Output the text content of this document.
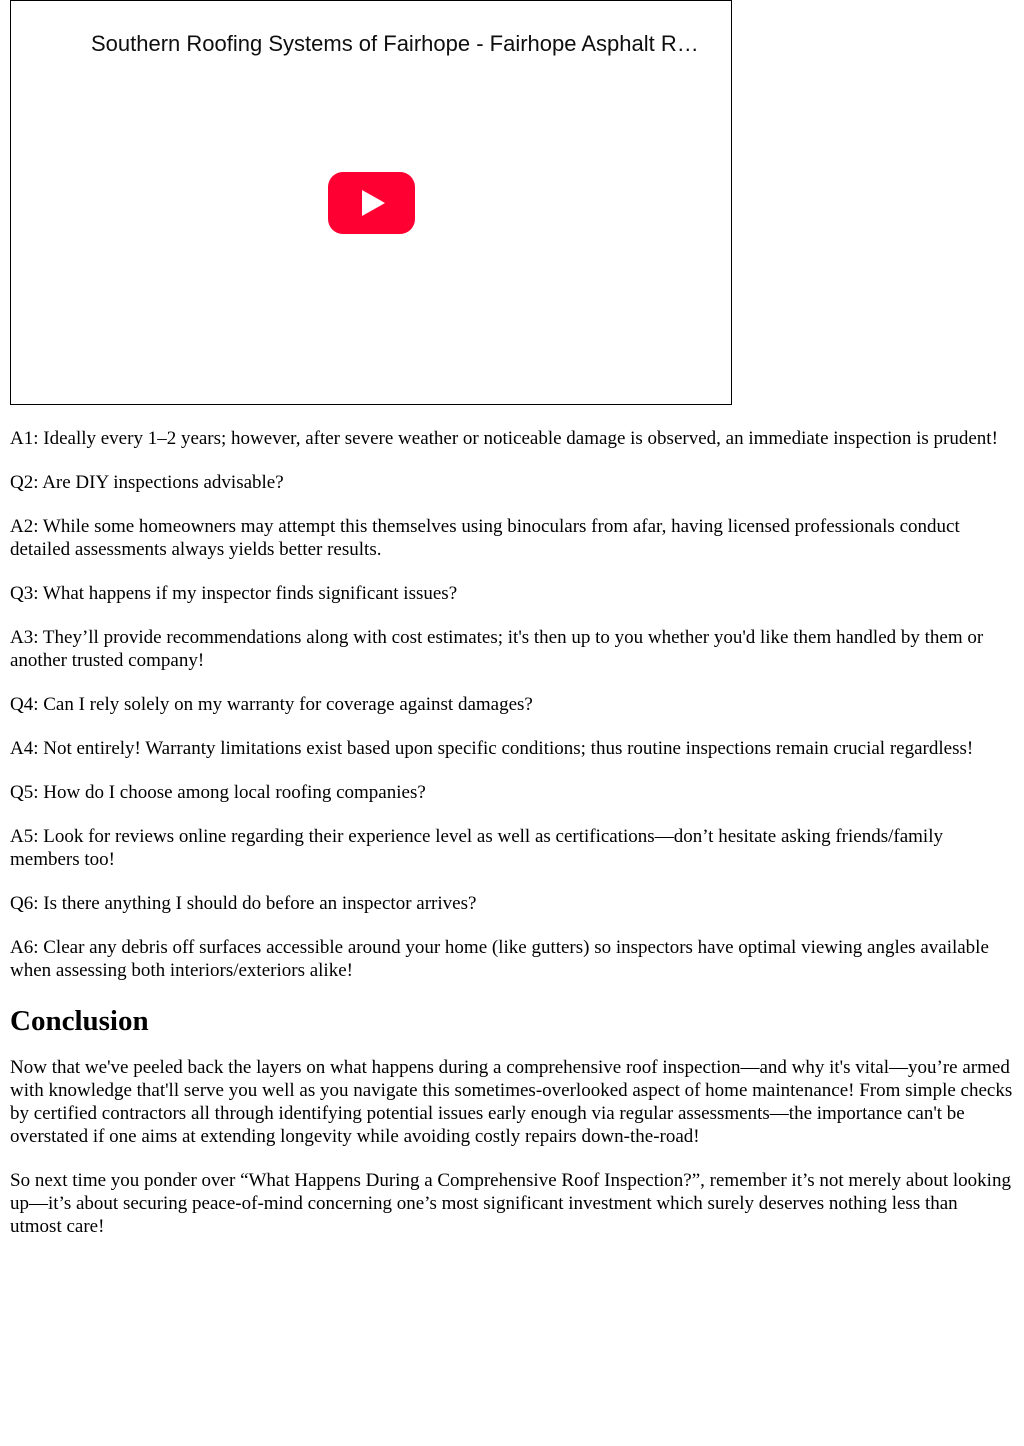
Southern Roofing Systems of Fairhope - Fairhope Asphalt R…

A1: Ideally every 1–2 years; however, after severe weather or noticeable damage is observed, an immediate inspection is prudent!

Q2: Are DIY inspections advisable?

A2: While some homeowners may attempt this themselves using binoculars from afar, having licensed professionals conduct detailed assessments always yields better results.

Q3: What happens if my inspector finds significant issues?

A3: They’ll provide recommendations along with cost estimates; it's then up to you whether you'd like them handled by them or another trusted company!

Q4: Can I rely solely on my warranty for coverage against damages?

A4: Not entirely! Warranty limitations exist based upon specific conditions; thus routine inspections remain crucial regardless!

Q5: How do I choose among local roofing companies?

A5: Look for reviews online regarding their experience level as well as certifications—don’t hesitate asking friends/family members too!

Q6: Is there anything I should do before an inspector arrives?

A6: Clear any debris off surfaces accessible around your home (like gutters) so inspectors have optimal viewing angles available when assessing both interiors/exteriors alike!

Conclusion

Now that we've peeled back the layers on what happens during a comprehensive roof inspection—and why it's vital—you’re armed with knowledge that'll serve you well as you navigate this sometimes-overlooked aspect of home maintenance! From simple checks by certified contractors all through identifying potential issues early enough via regular assessments—the importance can't be overstated if one aims at extending longevity while avoiding costly repairs down-the-road!

So next time you ponder over “What Happens During a Comprehensive Roof Inspection?”, remember it’s not merely about looking up—it’s about securing peace-of-mind concerning one’s most significant investment which surely deserves nothing less than utmost care!
